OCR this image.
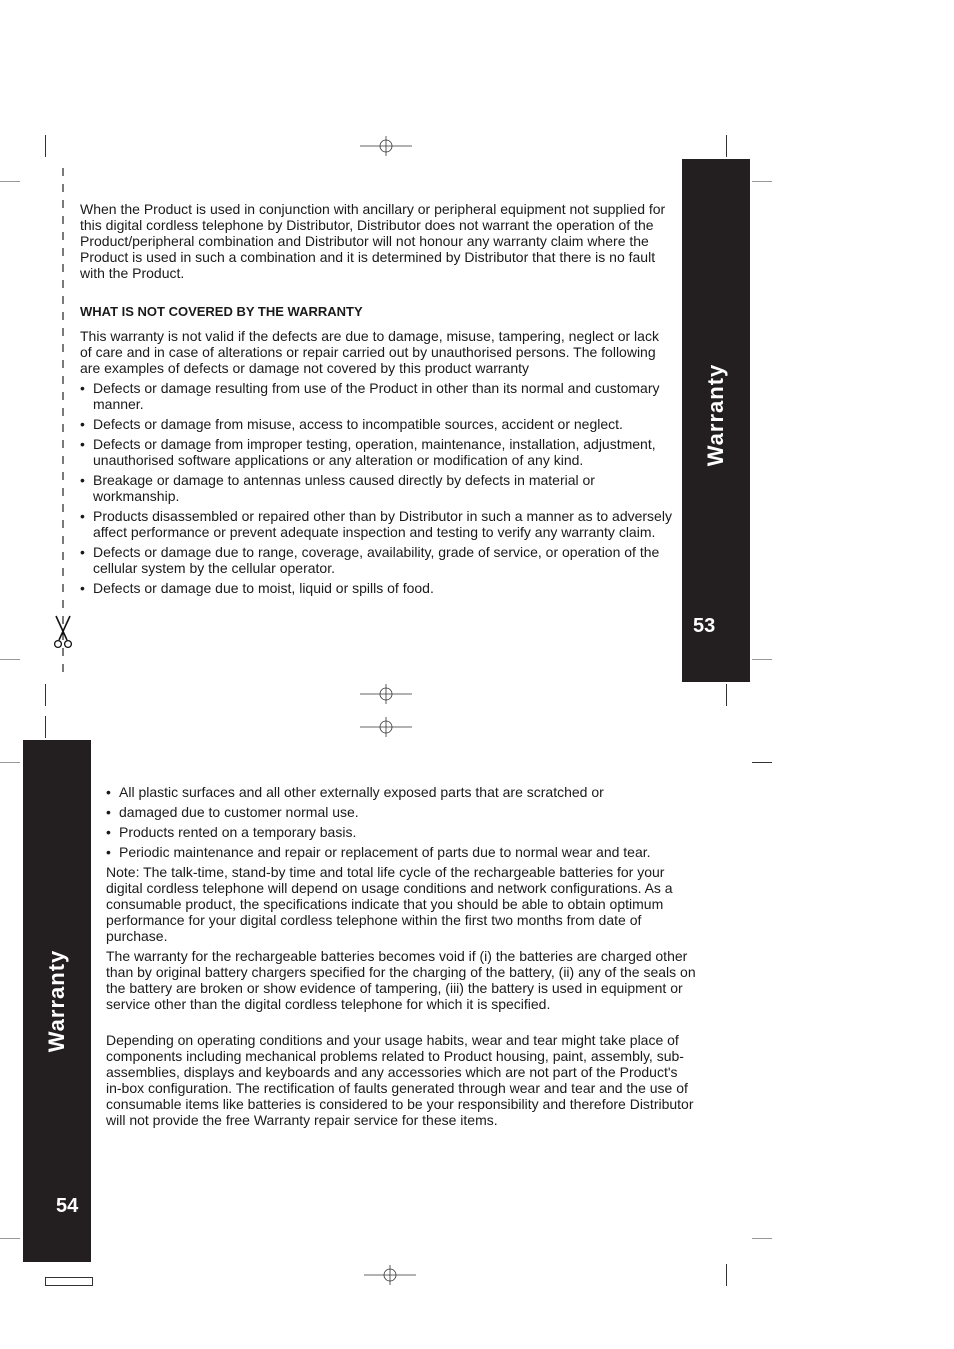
When the Product is used in conjunction with ancillary or peripheral equipment not supplied for this digital cordless telephone by Distributor, Distributor does not warrant the operation of the Product/peripheral combination and Distributor will not honour any warranty claim where the Product is used in such a combination and it is determined by Distributor that there is no fault with the Product.

WHAT IS NOT COVERED BY THE WARRANTY

This warranty is not valid if the defects are due to damage, misuse, tampering, neglect or lack of care and in case of alterations or repair carried out by unauthorised persons. The following are examples of defects or damage not covered by this product warranty

• Defects or damage resulting from use of the Product in other than its normal and customary manner.
• Defects or damage from misuse, access to incompatible sources, accident or neglect.
• Defects or damage from improper testing, operation, maintenance, installation, adjustment, unauthorised software applications or any alteration or modification of any kind.
• Breakage or damage to antennas unless caused directly by defects in material or workmanship.
• Products disassembled or repaired other than by Distributor in such a manner as to adversely affect performance or prevent adequate inspection and testing to verify any warranty claim.
• Defects or damage due to range, coverage, availability, grade of service, or operation of the cellular system by the cellular operator.
• Defects or damage due to moist, liquid or spills of food.
Warranty
53
Warranty
54
• All plastic surfaces and all other externally exposed parts that are scratched or
• damaged due to customer normal use.
• Products rented on a temporary basis.
• Periodic maintenance and repair or replacement of parts due to normal wear and tear.

Note: The talk-time, stand-by time and total life cycle of the rechargeable batteries for your digital cordless telephone will depend on usage conditions and network configurations. As a consumable product, the specifications indicate that you should be able to obtain optimum performance for your digital cordless telephone within the first two months from date of purchase.

The warranty for the rechargeable batteries becomes void if (i) the batteries are charged other than by original battery chargers specified for the charging of the battery, (ii) any of the seals on the battery are broken or show evidence of tampering, (iii) the battery is used in equipment or service other than the digital cordless telephone for which it is specified.

Depending on operating conditions and your usage habits, wear and tear might take place of components including mechanical problems related to Product housing, paint, assembly, sub-assemblies, displays and keyboards and any accessories which are not part of the Product's in-box configuration. The rectification of faults generated through wear and tear and the use of consumable items like batteries is considered to be your responsibility and therefore Distributor will not provide the free Warranty repair service for these items.
